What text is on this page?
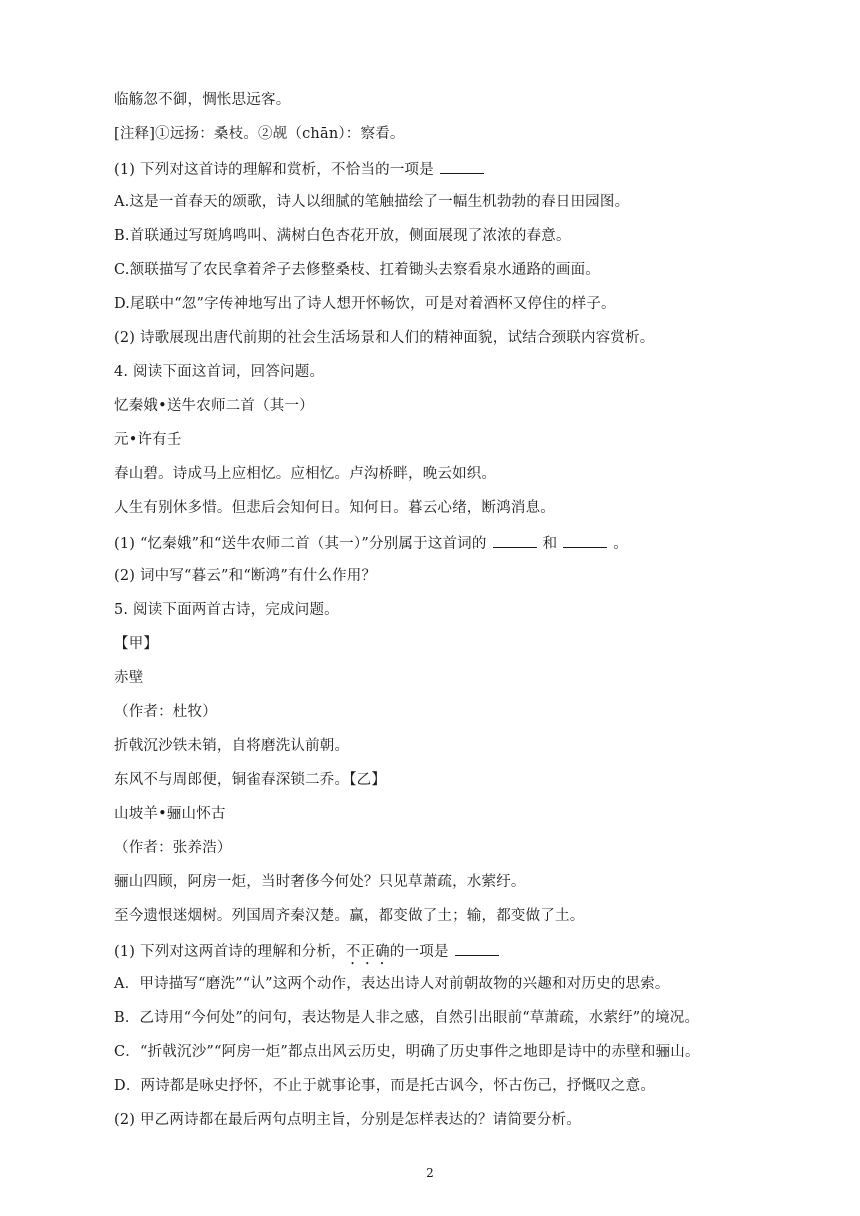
临觞忽不御，惆怅思远客。
[注释]①远扬：桑枝。②觇（chān）：察看。
(1) 下列对这首诗的理解和赏析，不恰当的一项是
A.这是一首春天的颂歌，诗人以细腻的笔触描绘了一幅生机勃勃的春日田园图。
B.首联通过写斑鸠鸣叫、满树白色杏花开放，侧面展现了浓浓的春意。
C.颔联描写了农民拿着斧子去修整桑枝、扛着锄头去察看泉水通路的画面。
D.尾联中“忽”字传神地写出了诗人想开怀畅饮，可是对着酒杯又停住的样子。
(2) 诗歌展现出唐代前期的社会生活场景和人们的精神面貌，试结合颈联内容赏析。
4. 阅读下面这首词，回答问题。
忆秦娥•送牛农师二首（其一）
元•许有壬
春山碧。诗成马上应相忆。应相忆。卢沟桥畔，晚云如织。
人生有别休多惜。但悲后会知何日。知何日。暮云心绪，断鸿消息。
(1) “忆秦娥”和“送牛农师二首（其一）”分别属于这首词的	和	。
(2) 词中写“暮云”和“断鸿”有什么作用？
5. 阅读下面两首古诗，完成问题。
【甲】
赤壁
（作者：杜牧）
折戟沉沙铁未销，自将磨洗认前朝。
东风不与周郎便，铜雀春深锁二乔。【乙】
山坡羊•骊山怀古
（作者：张养浩）
骊山四顾，阿房一炬，当时奢侈今何处？只见草萧疏，水萦纡。
至今遗恨迷烟树。列国周齐秦汉楚。赢，都变做了土；输，都变做了土。
(1) 下列对这两首诗的理解和分析，不正确的一项是
A．甲诗描写“磨洗”“认”这两个动作，表达出诗人对前朝故物的兴趣和对历史的思索。
B．乙诗用“今何处”的问句，表达物是人非之感，自然引出眼前“草萧疏，水萦纡”的境况。
C．“折戟沉沙”“阿房一炬”都点出风云历史，明确了历史事件之地即是诗中的赤壁和骊山。
D．两诗都是咏史抒怀，不止于就事论事，而是托古讽今，怀古伤己，抒慨叹之意。
(2) 甲乙两诗都在最后两句点明主旨，分别是怎样表达的？请简要分析。
2
